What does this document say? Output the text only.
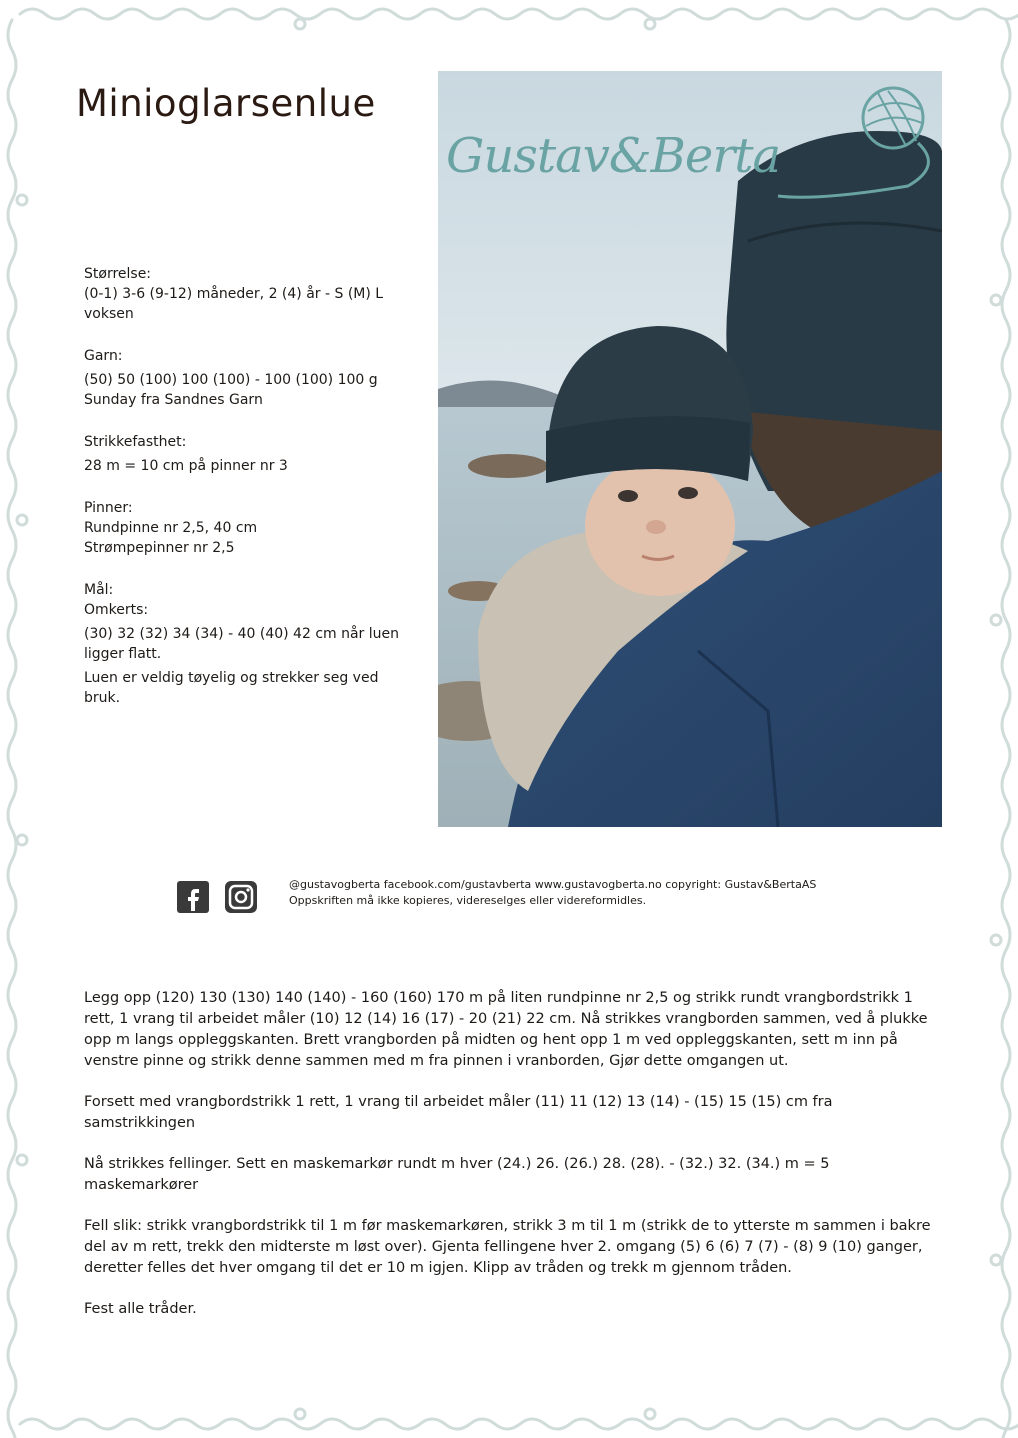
Minioglarsenlue

Størrelse:

(0-1) 3-6 (9-12) måneder, 2 (4) år - S (M) L voksen

Garn:

(50) 50 (100) 100 (100) - 100 (100) 100 g Sunday fra Sandnes Garn

Strikkefasthet:

28 m = 10 cm på pinner nr 3

Pinner:

Rundpinne nr 2,5, 40 cm

Strømpepinner nr 2,5

Mål:

Omkerts:

(30) 32 (32) 34 (34) - 40 (40) 42 cm når luen ligger flatt.

Luen er veldig tøyelig og strekker seg ved bruk.

Gustav&Berta

@gustavogberta facebook.com/gustavberta www.gustavogberta.no copyright: Gustav&BertaAS

Oppskriften må ikke kopieres, videreselges eller videreformidles.

Legg opp (120) 130 (130) 140 (140) - 160 (160) 170 m på liten rundpinne nr 2,5 og strikk rundt vrangbordstrikk 1 rett, 1 vrang til arbeidet måler (10) 12 (14) 16 (17) - 20 (21) 22 cm. Nå strikkes vrangborden sammen, ved å plukke opp m langs oppleggskanten. Brett vrangborden på midten og hent opp 1 m ved oppleggskanten, sett m inn på venstre pinne og strikk denne sammen med m fra pinnen i vranborden, Gjør dette omgangen ut.

Forsett med vrangbordstrikk 1 rett, 1 vrang til arbeidet måler (11) 11 (12) 13 (14) - (15) 15 (15) cm fra samstrikkingen

Nå strikkes fellinger. Sett en maskemarkør rundt m hver (24.) 26. (26.) 28. (28). - (32.) 32. (34.) m = 5 maskemarkører

Fell slik: strikk vrangbordstrikk til 1 m før maskemarkøren, strikk 3 m til 1 m (strikk de to ytterste m sammen i bakre del av m rett, trekk den midterste m løst over). Gjenta fellingene hver 2. omgang (5) 6 (6) 7 (7) - (8) 9 (10) ganger, deretter felles det hver omgang til det er 10 m igjen. Klipp av tråden og trekk m gjennom tråden.

Fest alle tråder.
